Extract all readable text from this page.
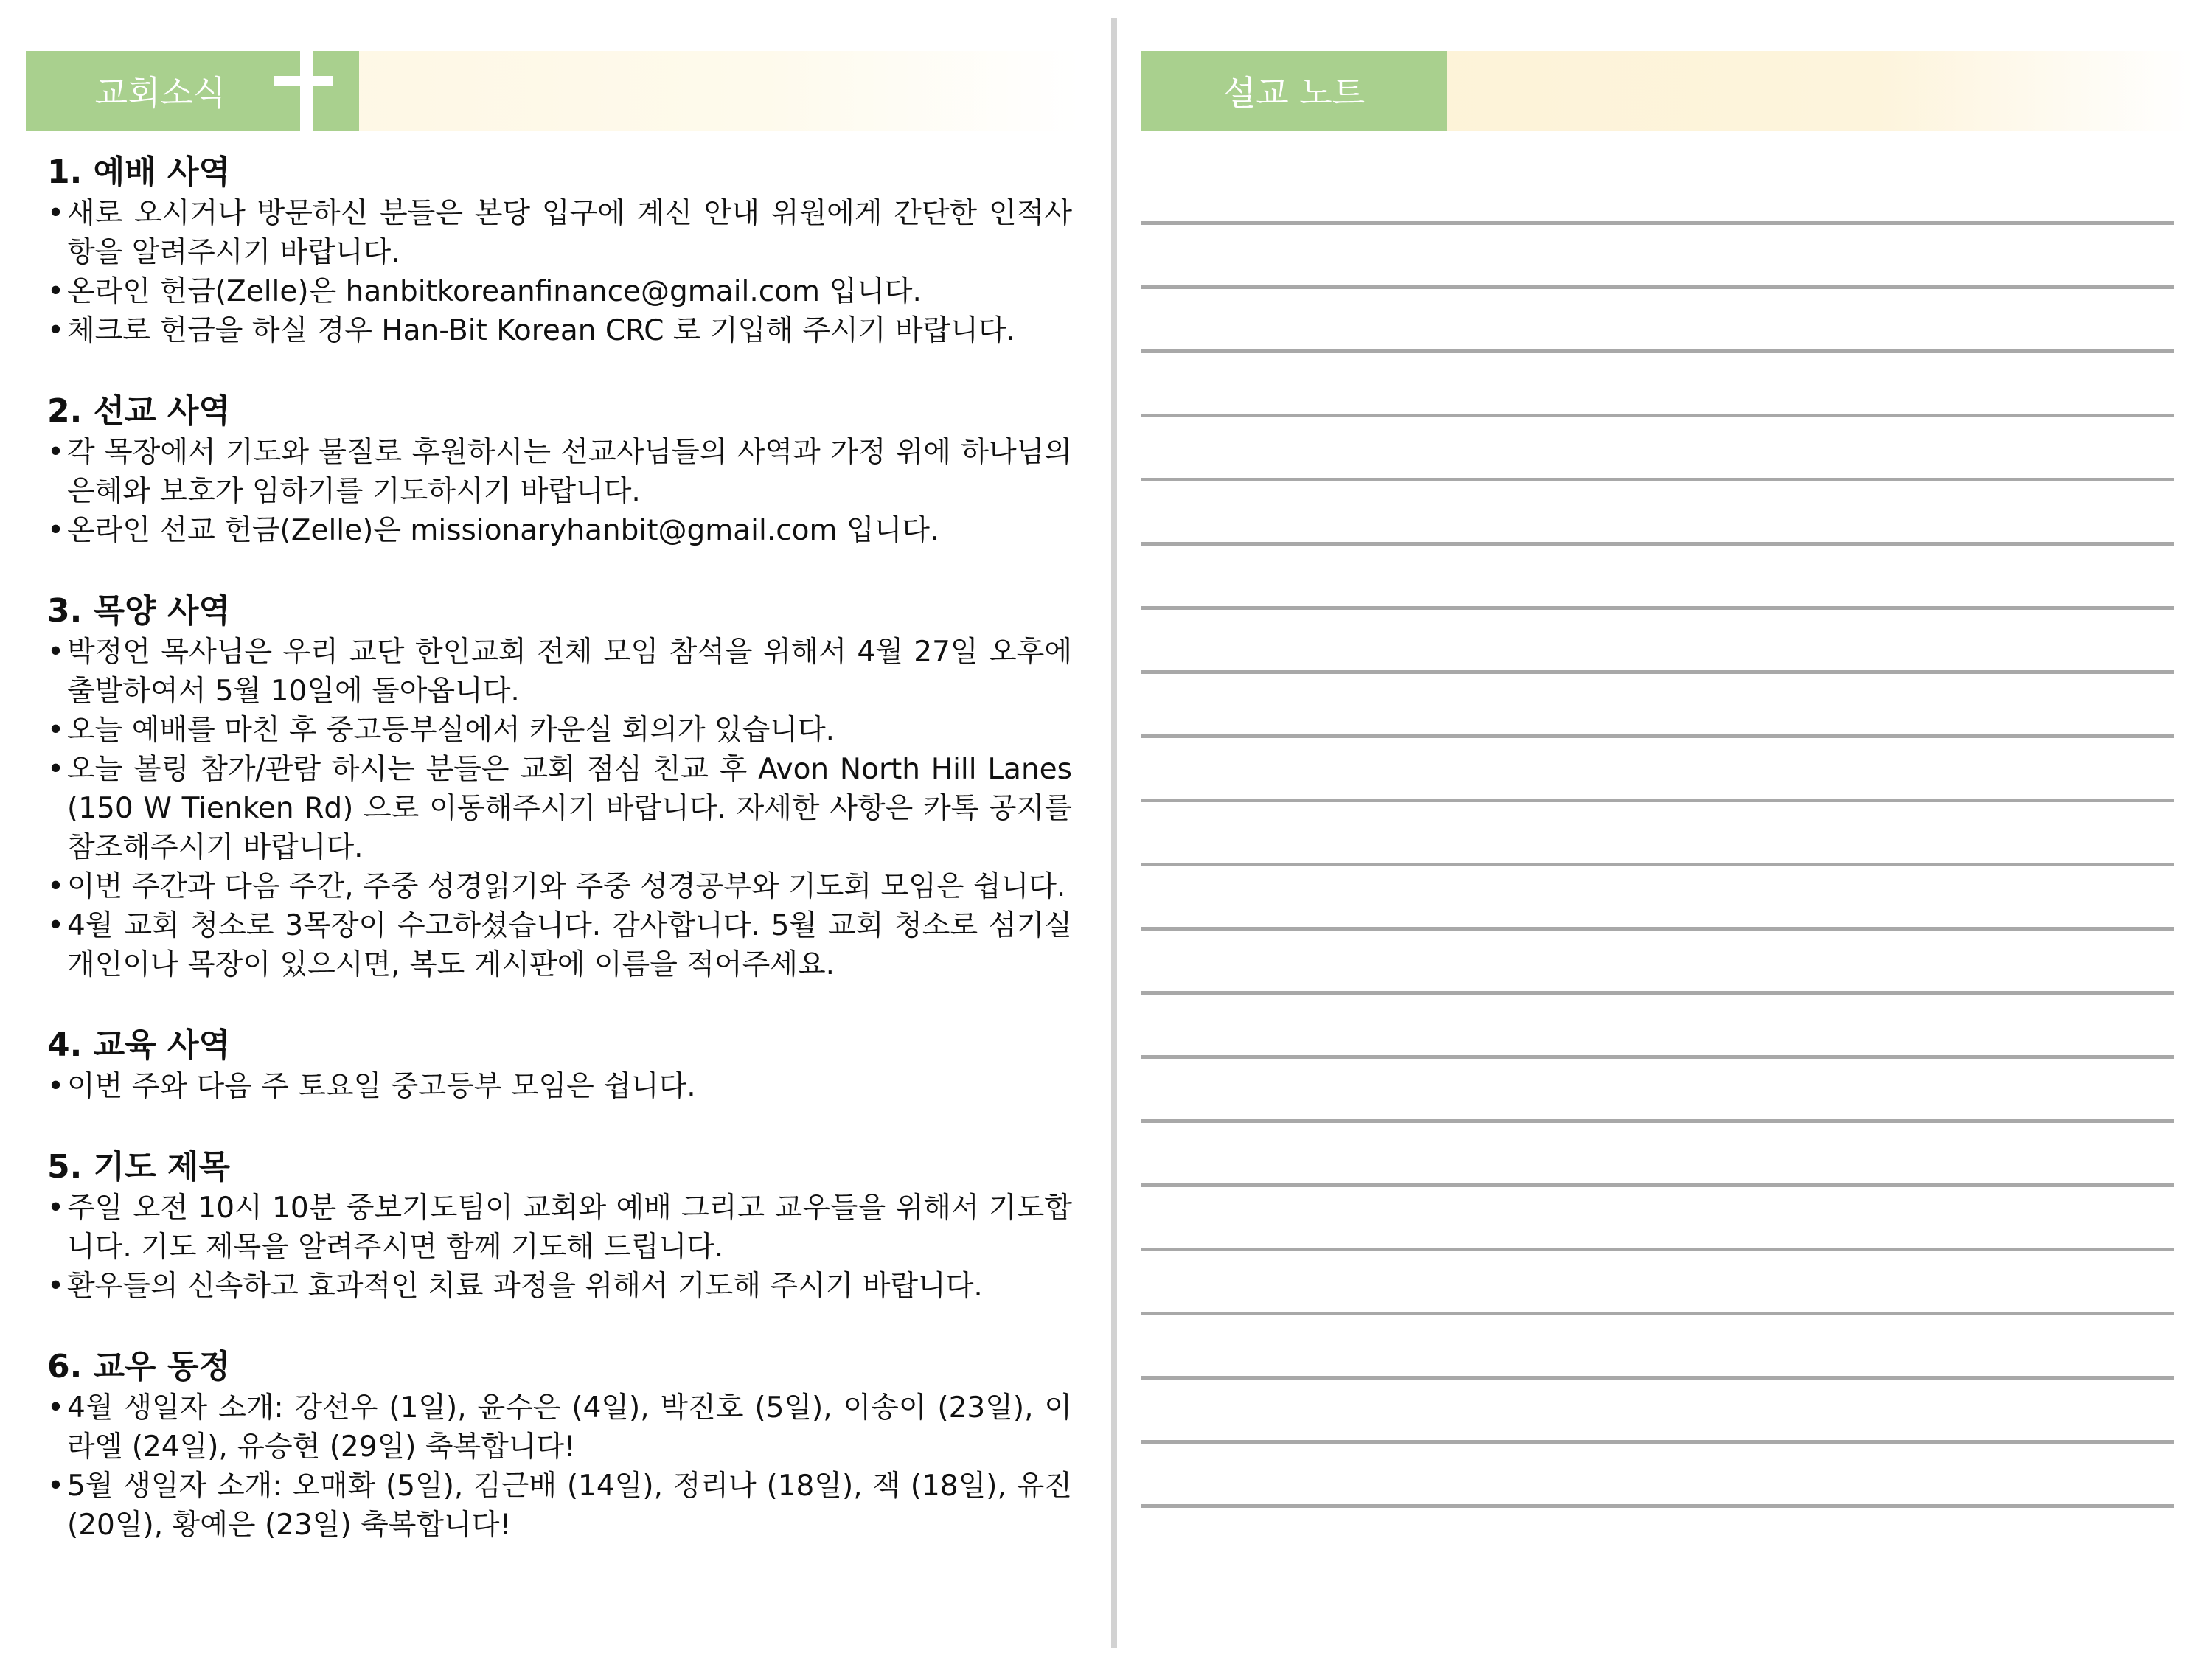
교회소식	설교 노트
1. 예배 사역
• 새로 오시거나 방문하신 분들은 본당 입구에 계신 안내 위원에게 간단한 인적사항을 알려주시기 바랍니다.
• 온라인 헌금(Zelle)은 hanbitkoreanfinance@gmail.com 입니다.
• 체크로 헌금을 하실 경우 Han-Bit Korean CRC 로 기입해 주시기 바랍니다.
2. 선교 사역
• 각 목장에서 기도와 물질로 후원하시는 선교사님들의 사역과 가정 위에 하나님의 은혜와 보호가 임하기를 기도하시기 바랍니다.
• 온라인 선교 헌금(Zelle)은 missionaryhanbit@gmail.com 입니다.
3. 목양 사역
• 박정언 목사님은 우리 교단 한인교회 전체 모임 참석을 위해서 4월 27일 오후에 출발하여서 5월 10일에 돌아옵니다.
• 오늘 예배를 마친 후 중고등부실에서 카운실 회의가 있습니다.
• 오늘 볼링 참가/관람 하시는 분들은 교회 점심 친교 후 Avon North Hill Lanes (150 W Tienken Rd) 으로 이동해주시기 바랍니다. 자세한 사항은 카톡 공지를 참조해주시기 바랍니다.
• 이번 주간과 다음 주간, 주중 성경읽기와 주중 성경공부와 기도회 모임은 쉽니다.
• 4월 교회 청소로 3목장이 수고하셨습니다. 감사합니다. 5월 교회 청소로 섬기실 개인이나 목장이 있으시면, 복도 게시판에 이름을 적어주세요.
4. 교육 사역
• 이번 주와 다음 주 토요일 중고등부 모임은 쉽니다.
5. 기도 제목
• 주일 오전 10시 10분 중보기도팀이 교회와 예배 그리고 교우들을 위해서 기도합니다. 기도 제목을 알려주시면 함께 기도해 드립니다.
• 환우들의 신속하고 효과적인 치료 과정을 위해서 기도해 주시기 바랍니다.
6. 교우 동정
• 4월 생일자 소개: 강선우 (1일), 윤수은 (4일), 박진호 (5일), 이송이 (23일), 이라엘 (24일), 유승현 (29일) 축복합니다!
• 5월 생일자 소개: 오매화 (5일), 김근배 (14일), 정리나 (18일), 잭 (18일), 유진 (20일), 황예은 (23일) 축복합니다!
